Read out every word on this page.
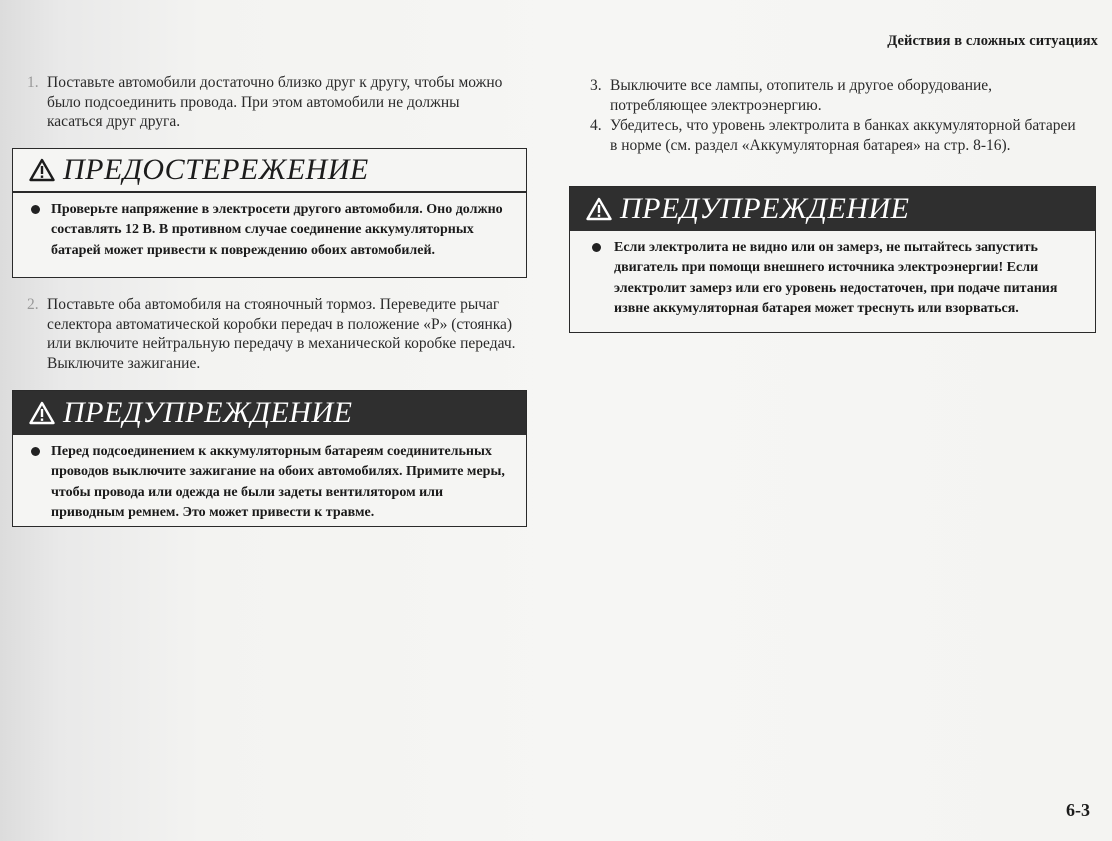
Действия в сложных ситуациях
1. Поставьте автомобили достаточно близко друг к другу, чтобы можно было подсоединить провода. При этом автомобили не должны касаться друг друга.
ПРЕДОСТЕРЕЖЕНИЕ
Проверьте напряжение в электросети другого автомобиля. Оно должно составлять 12 В. В противном случае соединение аккумуляторных батарей может привести к повреждению обоих автомобилей.
2. Поставьте оба автомобиля на стояночный тормоз. Переведите рычаг селектора автоматической коробки передач в положение «P» (стоянка) или включите нейтральную передачу в механической коробке передач. Выключите зажигание.
ПРЕДУПРЕЖДЕНИЕ
Перед подсоединением к аккумуляторным батареям соединительных проводов выключите зажигание на обоих автомобилях. Примите меры, чтобы провода или одежда не были задеты вентилятором или приводным ремнем. Это может привести к травме.
3. Выключите все лампы, отопитель и другое оборудование, потребляющее электроэнергию.
4. Убедитесь, что уровень электролита в банках аккумуляторной батареи в норме (см. раздел «Аккумуляторная батарея» на стр. 8-16).
ПРЕДУПРЕЖДЕНИЕ
Если электролита не видно или он замерз, не пытайтесь запустить двигатель при помощи внешнего источника электроэнергии! Если электролит замерз или его уровень недостаточен, при подаче питания извне аккумуляторная батарея может треснуть или взорваться.
6-3
